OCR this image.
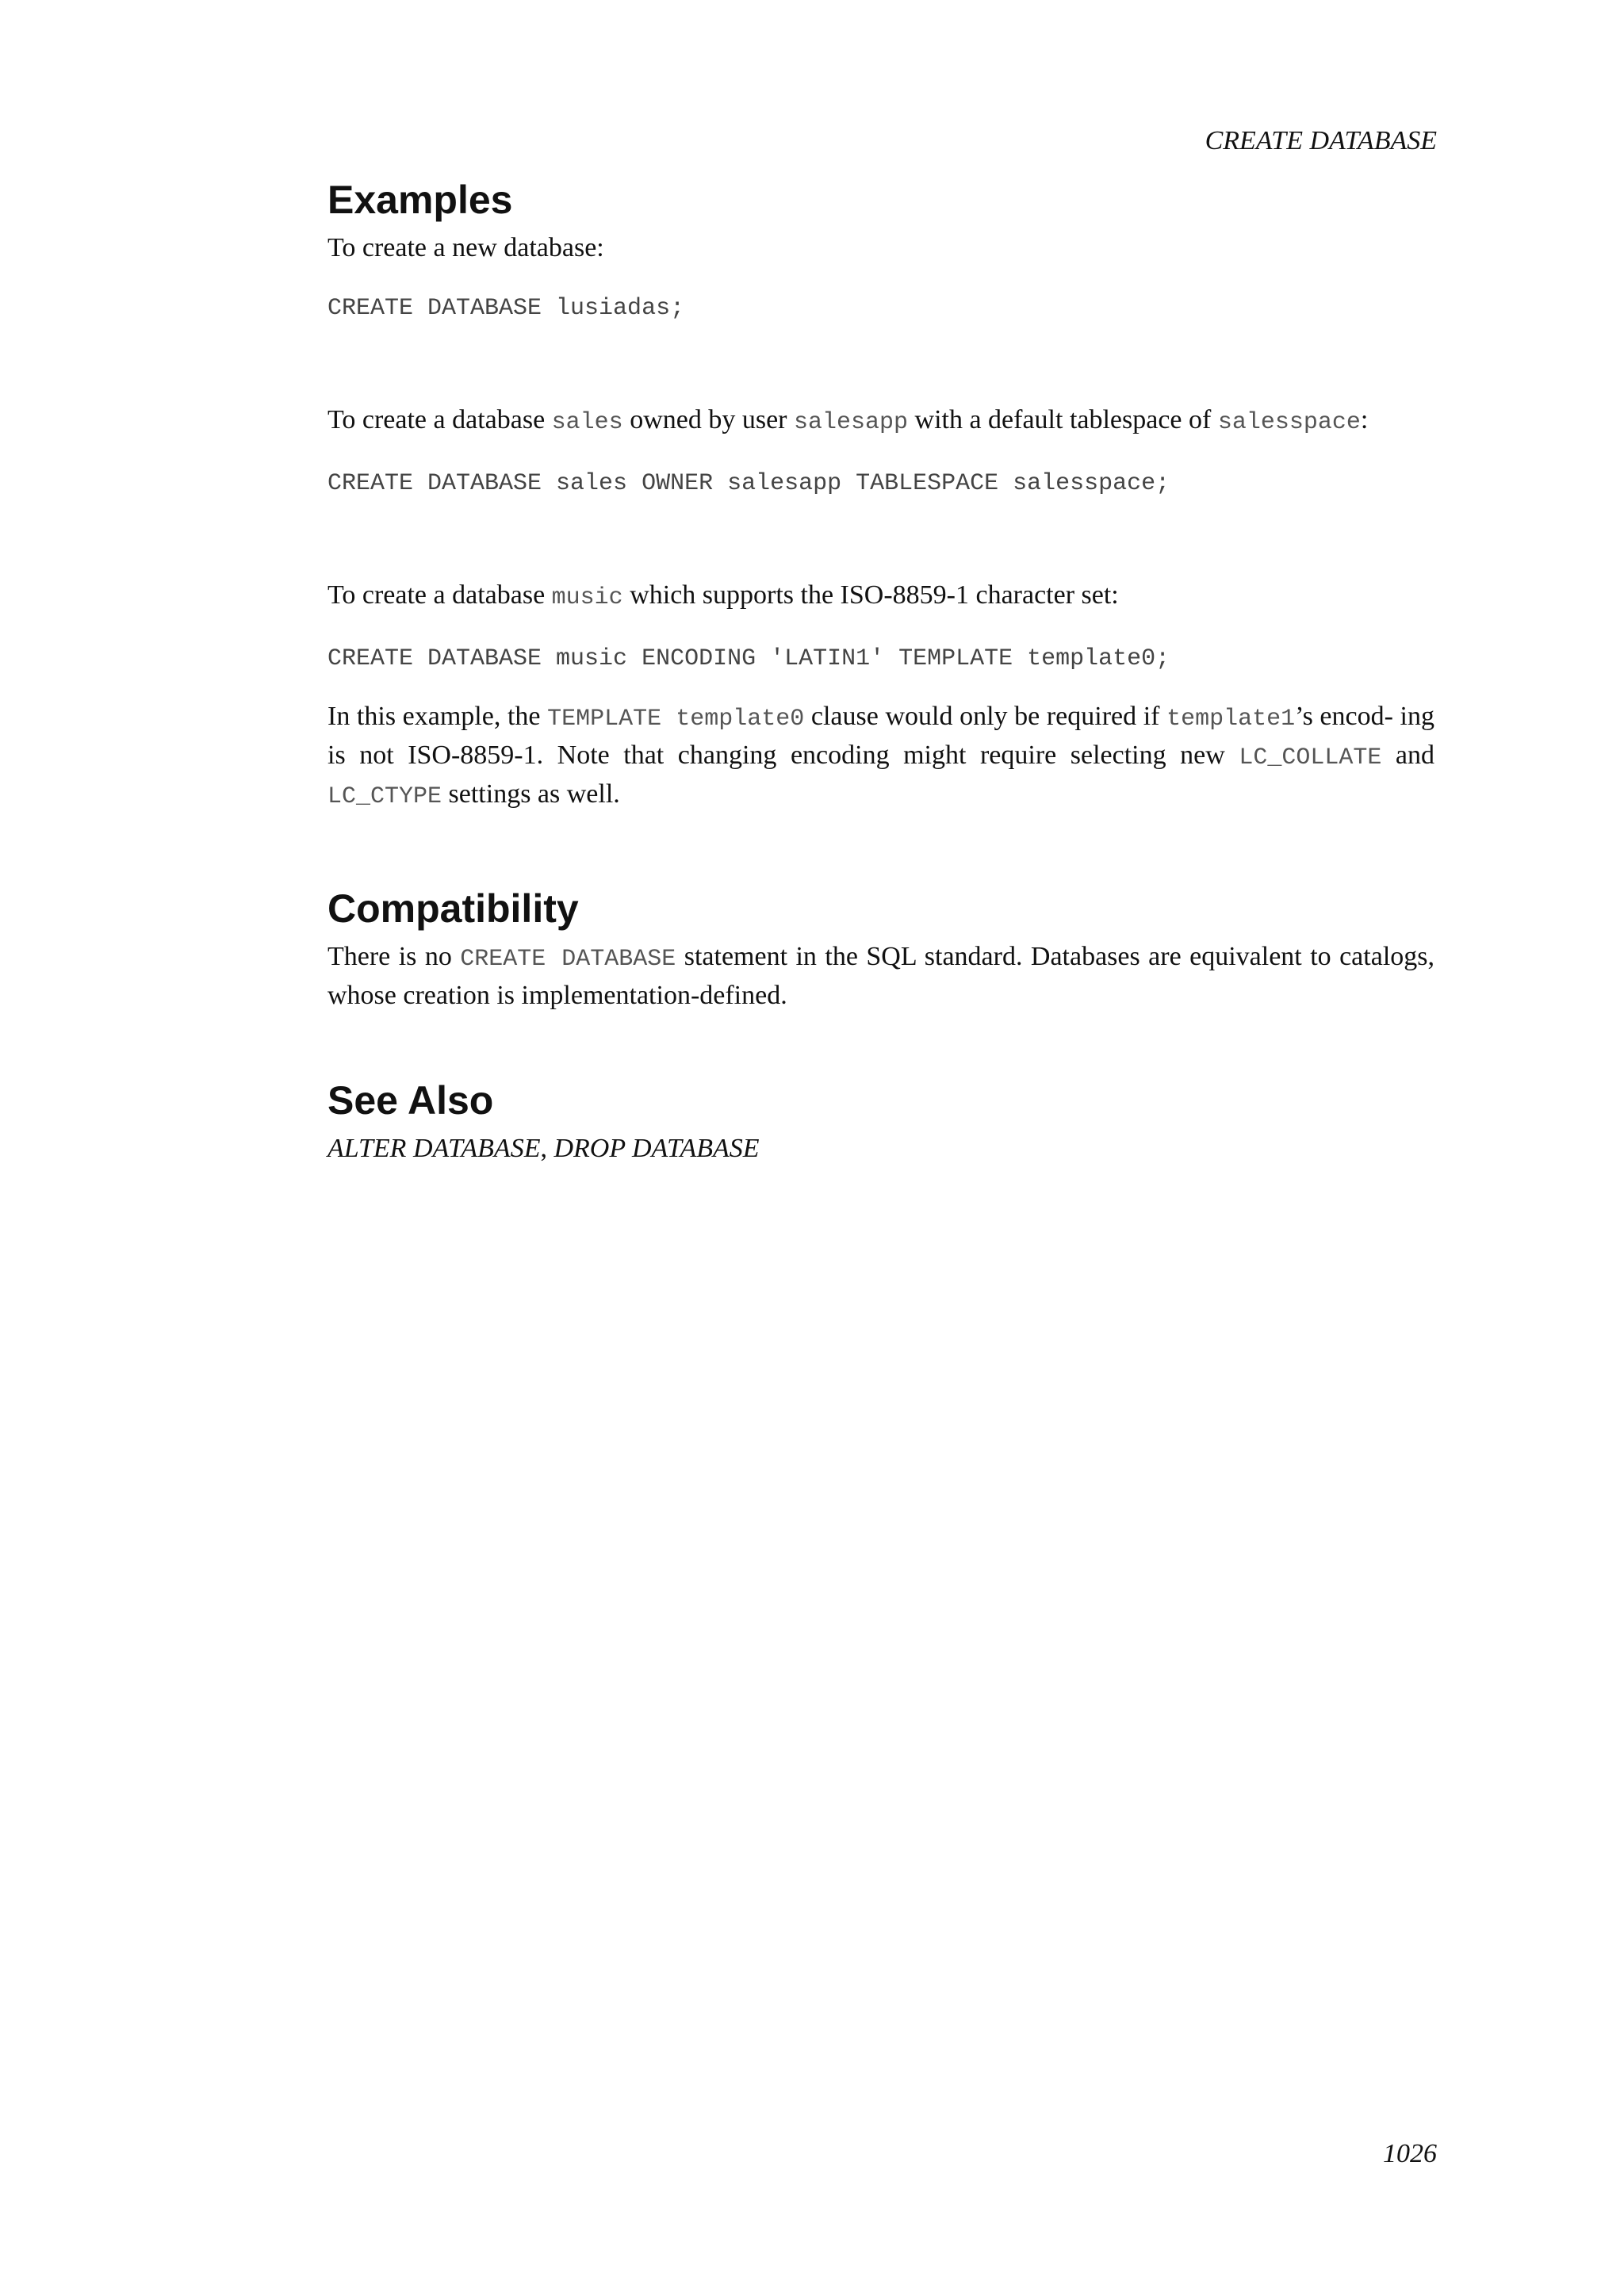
CREATE DATABASE
Examples

To create a new database:

CREATE DATABASE lusiadas;

To create a database sales owned by user salesapp with a default tablespace of salesspace:

CREATE DATABASE sales OWNER salesapp TABLESPACE salesspace;

To create a database music which supports the ISO-8859-1 character set:

CREATE DATABASE music ENCODING 'LATIN1' TEMPLATE template0;

In this example, the TEMPLATE template0 clause would only be required if template1’s encod- ing is not ISO-8859-1. Note that changing encoding might require selecting new LC_COLLATE and LC_CTYPE settings as well.

Compatibility

There is no CREATE DATABASE statement in the SQL standard. Databases are equivalent to catalogs, whose creation is implementation-defined.

See Also

ALTER DATABASE, DROP DATABASE

1026
